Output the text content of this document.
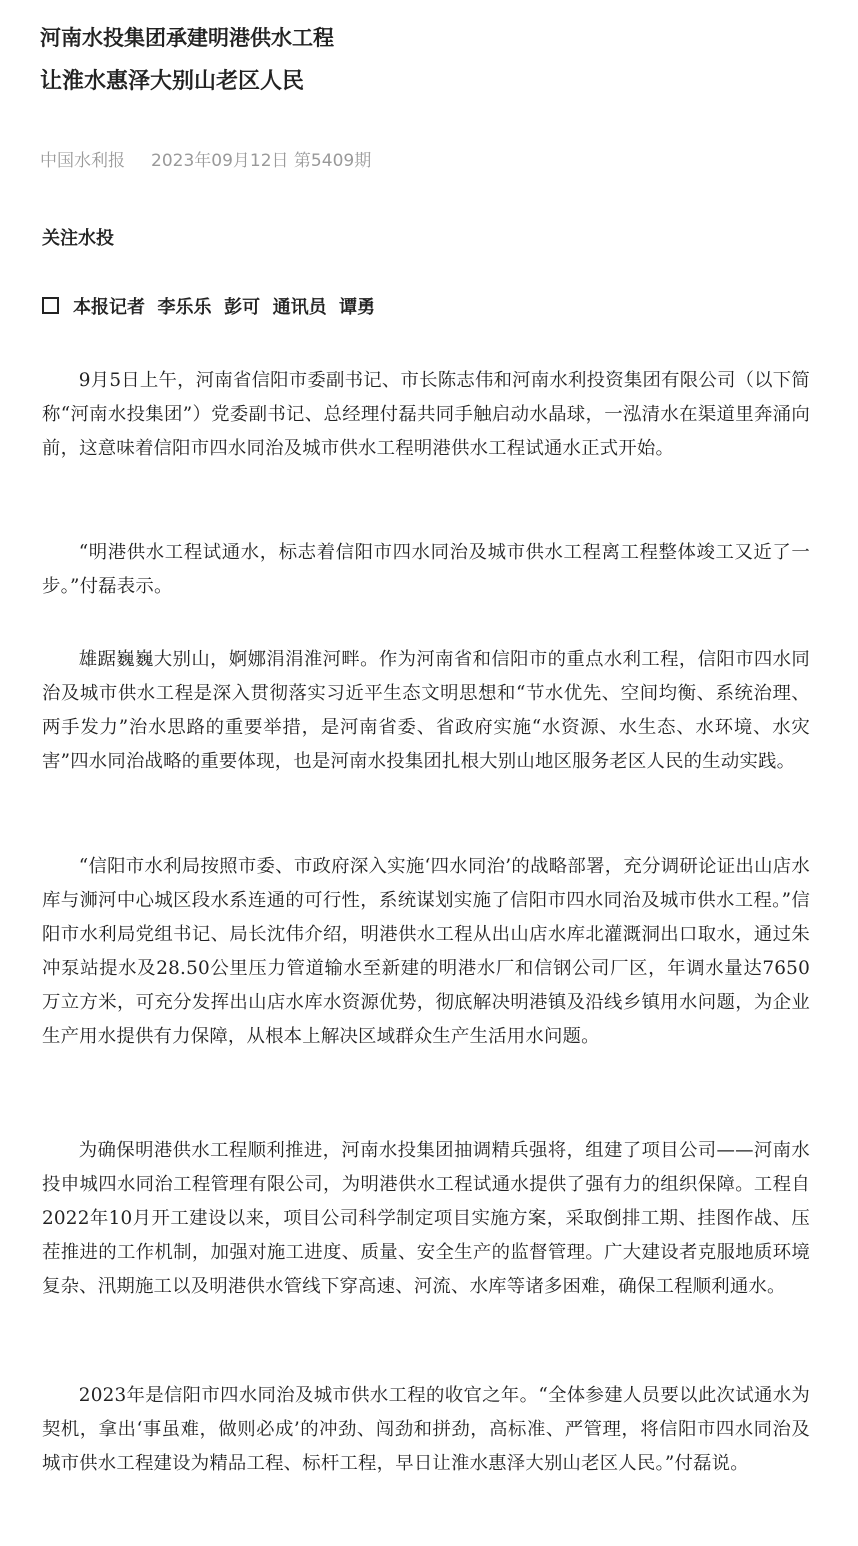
河南水投集团承建明港供水工程
让淮水惠泽大别山老区人民
中国水利报 2023年09月12日 第5409期
关注水投
本报记者  李乐乐  彭可  通讯员  谭勇

9月5日上午，河南省信阳市委副书记、市长陈志伟和河南水利投资集团有限公司（以下简称“河南水投集团”）党委副书记、总经理付磊共同手触启动水晶球，一泓清水在渠道里奔涌向前，这意味着信阳市四水同治及城市供水工程明港供水工程试通水正式开始。

“明港供水工程试通水，标志着信阳市四水同治及城市供水工程离工程整体竣工又近了一步。”付磊表示。

雄踞巍巍大别山，婀娜涓涓淮河畔。作为河南省和信阳市的重点水利工程，信阳市四水同治及城市供水工程是深入贯彻落实习近平生态文明思想和“节水优先、空间均衡、系统治理、两手发力”治水思路的重要举措，是河南省委、省政府实施“水资源、水生态、水环境、水灾害”四水同治战略的重要体现，也是河南水投集团扎根大别山地区服务老区人民的生动实践。

“信阳市水利局按照市委、市政府深入实施‘四水同治’的战略部署，充分调研论证出山店水库与浉河中心城区段水系连通的可行性，系统谋划实施了信阳市四水同治及城市供水工程。”信阳市水利局党组书记、局长沈伟介绍，明港供水工程从出山店水库北灌溉洞出口取水，通过朱冲泵站提水及28.50公里压力管道输水至新建的明港水厂和信钢公司厂区，年调水量达7650万立方米，可充分发挥出山店水库水资源优势，彻底解决明港镇及沿线乡镇用水问题，为企业生产用水提供有力保障，从根本上解决区域群众生产生活用水问题。

为确保明港供水工程顺利推进，河南水投集团抽调精兵强将，组建了项目公司——河南水投申城四水同治工程管理有限公司，为明港供水工程试通水提供了强有力的组织保障。工程自2022年10月开工建设以来，项目公司科学制定项目实施方案，采取倒排工期、挂图作战、压茬推进的工作机制，加强对施工进度、质量、安全生产的监督管理。广大建设者克服地质环境复杂、汛期施工以及明港供水管线下穿高速、河流、水库等诸多困难，确保工程顺利通水。

2023年是信阳市四水同治及城市供水工程的收官之年。“全体参建人员要以此次试通水为契机，拿出‘事虽难，做则必成’的冲劲、闯劲和拼劲，高标准、严管理，将信阳市四水同治及城市供水工程建设为精品工程、标杆工程，早日让淮水惠泽大别山老区人民。”付磊说。
